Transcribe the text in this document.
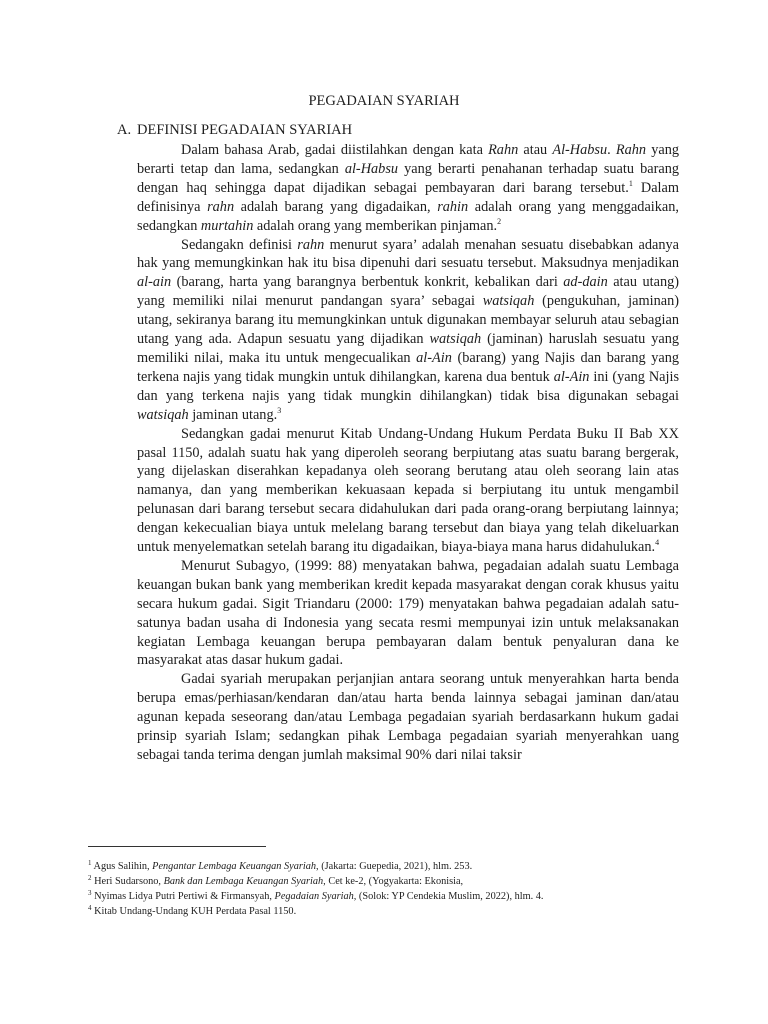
PEGADAIAN SYARIAH
A. DEFINISI PEGADAIAN SYARIAH

Dalam bahasa Arab, gadai diistilahkan dengan kata Rahn atau Al-Habsu. Rahn yang berarti tetap dan lama, sedangkan al-Habsu yang berarti penahanan terhadap suatu barang dengan haq sehingga dapat dijadikan sebagai pembayaran dari barang tersebut.$^1$ Dalam definisinya rahn adalah barang yang digadaikan, rahin adalah orang yang menggadaikan, sedangkan murtahin adalah orang yang memberikan pinjaman.$^2$

Sedangakn definisi rahn menurut syara’ adalah menahan sesuatu disebabkan adanya hak yang memungkinkan hak itu bisa dipenuhi dari sesuatu tersebut. Maksudnya menjadikan al-ain (barang, harta yang barangnya berbentuk konkrit, kebalikan dari ad-dain atau utang) yang memiliki nilai menurut pandangan syara’ sebagai watsiqah (pengukuhan, jaminan) utang, sekiranya barang itu memungkinkan untuk digunakan membayar seluruh atau sebagian utang yang ada. Adapun sesuatu yang dijadikan watsiqah (jaminan) haruslah sesuatu yang memiliki nilai, maka itu untuk mengecualikan al-Ain (barang) yang Najis dan barang yang terkena najis yang tidak mungkin untuk dihilangkan, karena dua bentuk al-Ain ini (yang Najis dan yang terkena najis yang tidak mungkin dihilangkan) tidak bisa digunakan sebagai watsiqah jaminan utang.$^3$

Sedangkan gadai menurut Kitab Undang-Undang Hukum Perdata Buku II Bab XX pasal 1150, adalah suatu hak yang diperoleh seorang berpiutang atas suatu barang bergerak, yang dijelaskan diserahkan kepadanya oleh seorang berutang atau oleh seorang lain atas namanya, dan yang memberikan kekuasaan kepada si berpiutang itu untuk mengambil pelunasan dari barang tersebut secara didahulukan dari pada orang-orang berpiutang lainnya; dengan kekecualian biaya untuk melelang barang tersebut dan biaya yang telah dikeluarkan untuk menyelematkan setelah barang itu digadaikan, biaya-biaya mana harus didahulukan.$^4$

Menurut Subagyo, (1999: 88) menyatakan bahwa, pegadaian adalah suatu Lembaga keuangan bukan bank yang memberikan kredit kepada masyarakat dengan corak khusus yaitu secara hukum gadai. Sigit Triandaru (2000: 179) menyatakan bahwa pegadaian adalah satu-satunya badan usaha di Indonesia yang secata resmi mempunyai izin untuk melaksanakan kegiatan Lembaga keuangan berupa pembayaran dalam bentuk penyaluran dana ke masyarakat atas dasar hukum gadai.

Gadai syariah merupakan perjanjian antara seorang untuk menyerahkan harta benda berupa emas/perhiasan/kendaran dan/atau harta benda lainnya sebagai jaminan dan/atau agunan kepada seseorang dan/atau Lembaga pegadaian syariah berdasarkann hukum gadai prinsip syariah Islam; sedangkan pihak Lembaga pegadaian syariah menyerahkan uang sebagai tanda terima dengan jumlah maksimal 90% dari nilai taksir

$^1$ Agus Salihin, Pengantar Lembaga Keuangan Syariah, (Jakarta: Guepedia, 2021), hlm. 253.
$^2$ Heri Sudarsono, Bank dan Lembaga Keuangan Syariah, Cet ke-2, (Yogyakarta: Ekonisia,
$^3$ Nyimas Lidya Putri Pertiwi & Firmansyah, Pegadaian Syariah, (Solok: YP Cendekia Muslim, 2022), hlm. 4.
$^4$ Kitab Undang-Undang KUH Perdata Pasal 1150.
